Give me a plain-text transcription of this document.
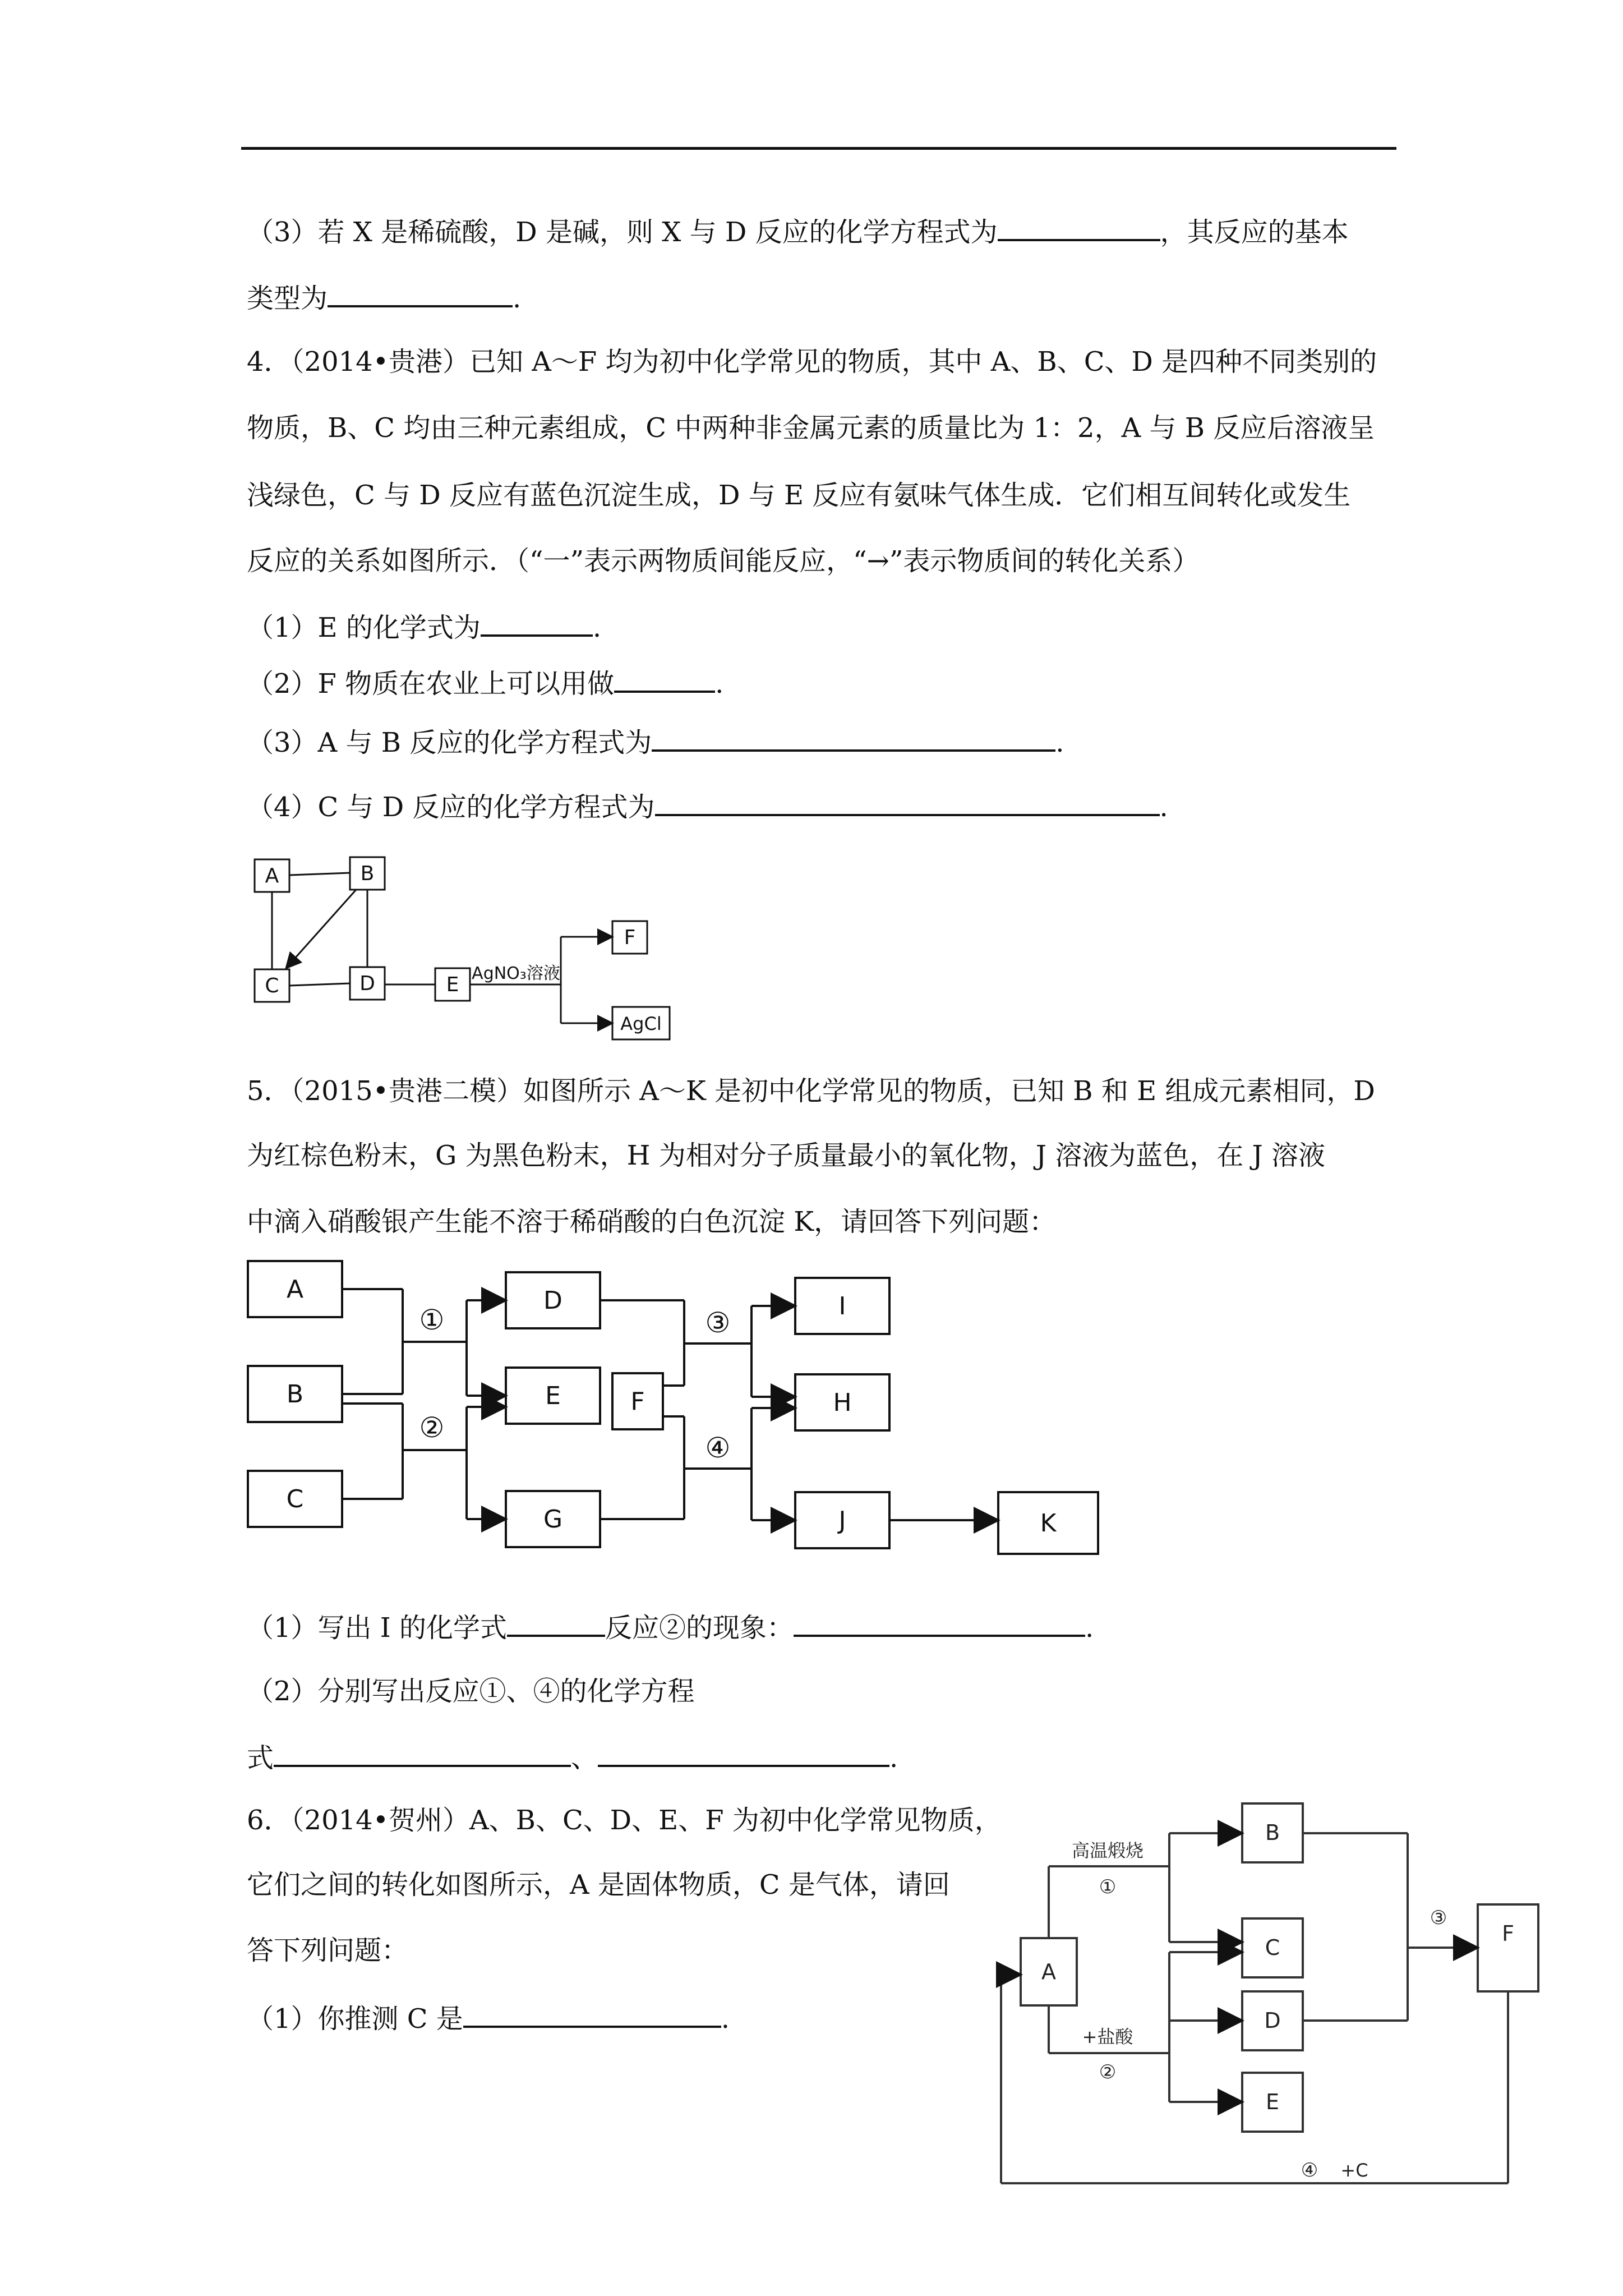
（3）若 X 是稀硫酸，D 是碱，则 X 与 D 反应的化学方程式为	，其反应的基本
类型为	.
4．（2014•贵港）已知 A～F 均为初中化学常见的物质，其中 A、B、C、D 是四种不同类别的
物质，B、C 均由三种元素组成，C 中两种非金属元素的质量比为 1：2，A 与 B 反应后溶液呈
浅绿色，C 与 D 反应有蓝色沉淀生成，D 与 E 反应有氨味气体生成．它们相互间转化或发生
反应的关系如图所示．（“一”表示两物质间能反应，“→”表示物质间的转化关系）
（1）E 的化学式为	.
（2）F 物质在农业上可以用做	.
（3）A 与 B 反应的化学方程式为	.
（4）C 与 D 反应的化学方程式为	.
A	B
C	D	E
F
AgCl
AgNO₃溶液
5．（2015•贵港二模）如图所示 A～K 是初中化学常见的物质，已知 B 和 E 组成元素相同，D
为红棕色粉末，G 为黑色粉末，H 为相对分子质量最小的氧化物，J 溶液为蓝色，在 J 溶液
中滴入硝酸银产生能不溶于稀硝酸的白色沉淀 K，请回答下列问题：
A
B
C
D
E	F
G
I
H
J	K
①
②
③
④
（1）写出 I 的化学式	反应②的现象：	.
（2）分别写出反应①、④的化学方程
式	、	.
6．（2014•贺州）A、B、C、D、E、F 为初中化学常见物质，
它们之间的转化如图所示，A 是固体物质，C 是气体，请回
答下列问题：
（1）你推测 C 是	.
A
B
C
D
E
F
高温煅烧
①
+盐酸
②
③
④ +C
